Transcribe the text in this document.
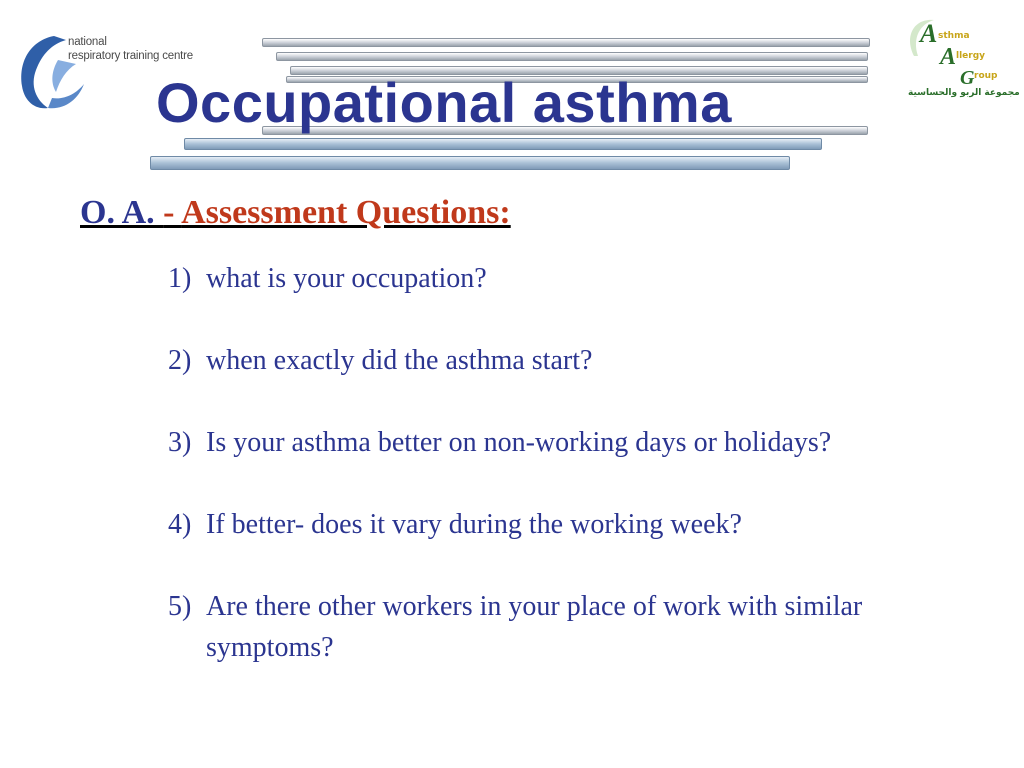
national
respiratory training centre
A
A
G
sthma
llergy
roup
مجموعة الربو والحساسية
Occupational asthma
O. A. - Assessment Questions:
1) what is your occupation?
2) when exactly did the asthma start?
3) Is your asthma better on non-working days or holidays?
4) If better- does it vary during the working week?
5) Are there other workers in your place of work with similar symptoms?
